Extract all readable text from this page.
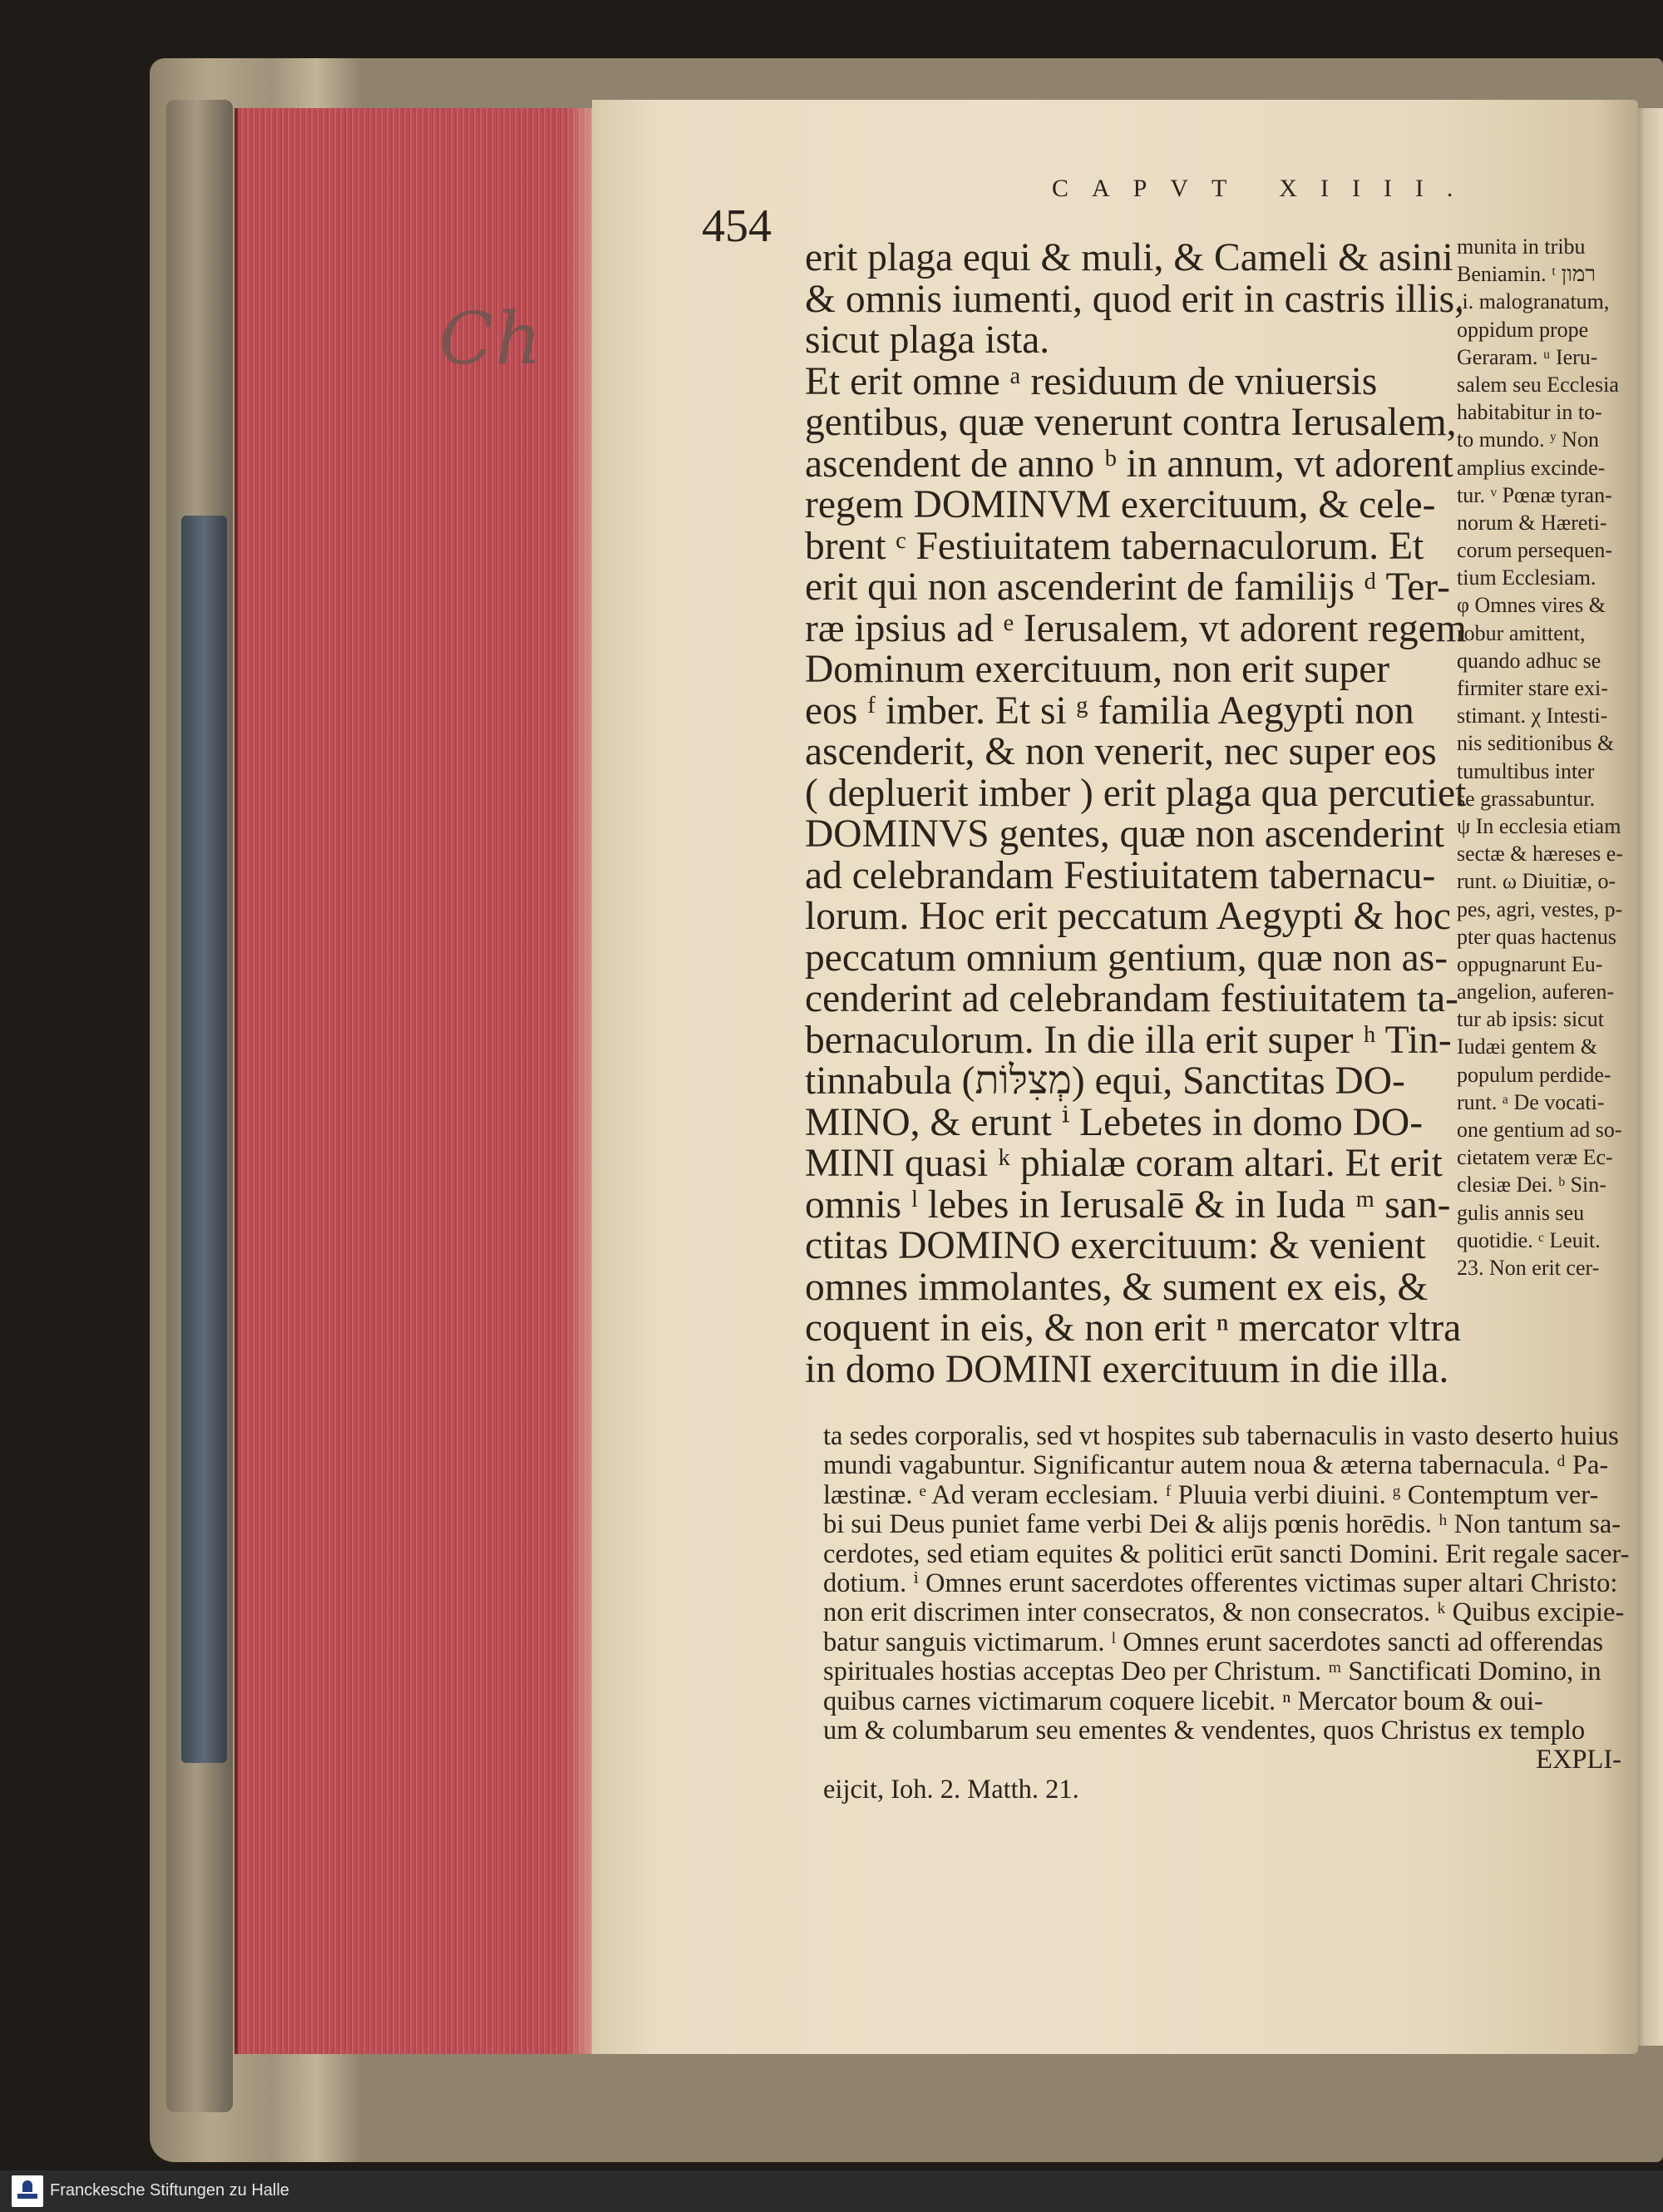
Ch
CAPVT XIIII.
454
erit plaga equi & muli, & Cameli & asini
& omnis iumenti, quod erit in castris illis,
sicut plaga ista.
Et erit omne ᵃ residuum de vniuersis
gentibus, quæ venerunt contra Ierusalem,
ascendent de anno ᵇ in annum, vt adorent
regem DOMINVM exercituum, & cele-
brent ᶜ Festiuitatem tabernaculorum. Et
erit qui non ascenderint de familijs ᵈ Ter-
ræ ipsius ad ᵉ Ierusalem, vt adorent regem
Dominum exercituum, non erit super
eos ᶠ imber. Et si ᵍ familia Aegypti non
ascenderit, & non venerit, nec super eos
( depluerit imber ) erit plaga qua percutiet
DOMINVS gentes, quæ non ascenderint
ad celebrandam Festiuitatem tabernacu-
lorum. Hoc erit peccatum Aegypti & hoc
peccatum omnium gentium, quæ non as-
cenderint ad celebrandam festiuitatem ta-
bernaculorum. In die illa erit super ʰ Tin-
tinnabula (מְצִלּוֹת) equi, Sanctitas DO-
MINO, & erunt ⁱ Lebetes in domo DO-
MINI quasi ᵏ phialæ coram altari. Et erit
omnis ˡ lebes in Ierusalē & in Iuda ᵐ san-
ctitas DOMINO exercituum: & venient
omnes immolantes, & sument ex eis, &
coquent in eis, & non erit ⁿ mercator vltra
in domo DOMINI exercituum in die illa.
munita in tribu
Beniamin. ᵗ רמון
.i. malogranatum,
oppidum prope
Geraram. ᵘ Ieru-
salem seu Ecclesia
habitabitur in to-
to mundo. ʸ Non
amplius excinde-
tur. ᵛ Pœnæ tyran-
norum & Hæreti-
corum persequen-
tium Ecclesiam.
φ Omnes vires &
robur amittent,
quando adhuc se
firmiter stare exi-
stimant. χ Intesti-
nis seditionibus &
tumultibus inter
se grassabuntur.
ψ In ecclesia etiam
sectæ & hæreses e-
runt. ω Diuitiæ, o-
pes, agri, vestes, p-
pter quas hactenus
oppugnarunt Eu-
angelion, auferen-
tur ab ipsis: sicut
Iudæi gentem &
populum perdide-
runt. ᵃ De vocati-
one gentium ad so-
cietatem veræ Ec-
clesiæ Dei. ᵇ Sin-
gulis annis seu
quotidie. ᶜ Leuit.
23. Non erit cer-
ta sedes corporalis, sed vt hospites sub tabernaculis in vasto deserto huius
mundi vagabuntur. Significantur autem noua & æterna tabernacula. ᵈ Pa-
læstinæ. ᵉ Ad veram ecclesiam. ᶠ Pluuia verbi diuini. ᵍ Contemptum ver-
bi sui Deus puniet fame verbi Dei & alijs pœnis horēdis. ʰ Non tantum sa-
cerdotes, sed etiam equites & politici erūt sancti Domini. Erit regale sacer-
dotium. ⁱ Omnes erunt sacerdotes offerentes victimas super altari Christo:
non erit discrimen inter consecratos, & non consecratos. ᵏ Quibus excipie-
batur sanguis victimarum. ˡ Omnes erunt sacerdotes sancti ad offerendas
spirituales hostias acceptas Deo per Christum. ᵐ Sanctificati Domino, in
quibus carnes victimarum coquere licebit. ⁿ Mercator boum & oui-
um & columbarum seu ementes & vendentes, quos Christus ex templo
EXPLI-
eijcit, Ioh. 2. Matth. 21.
Franckesche Stiftungen zu Halle
